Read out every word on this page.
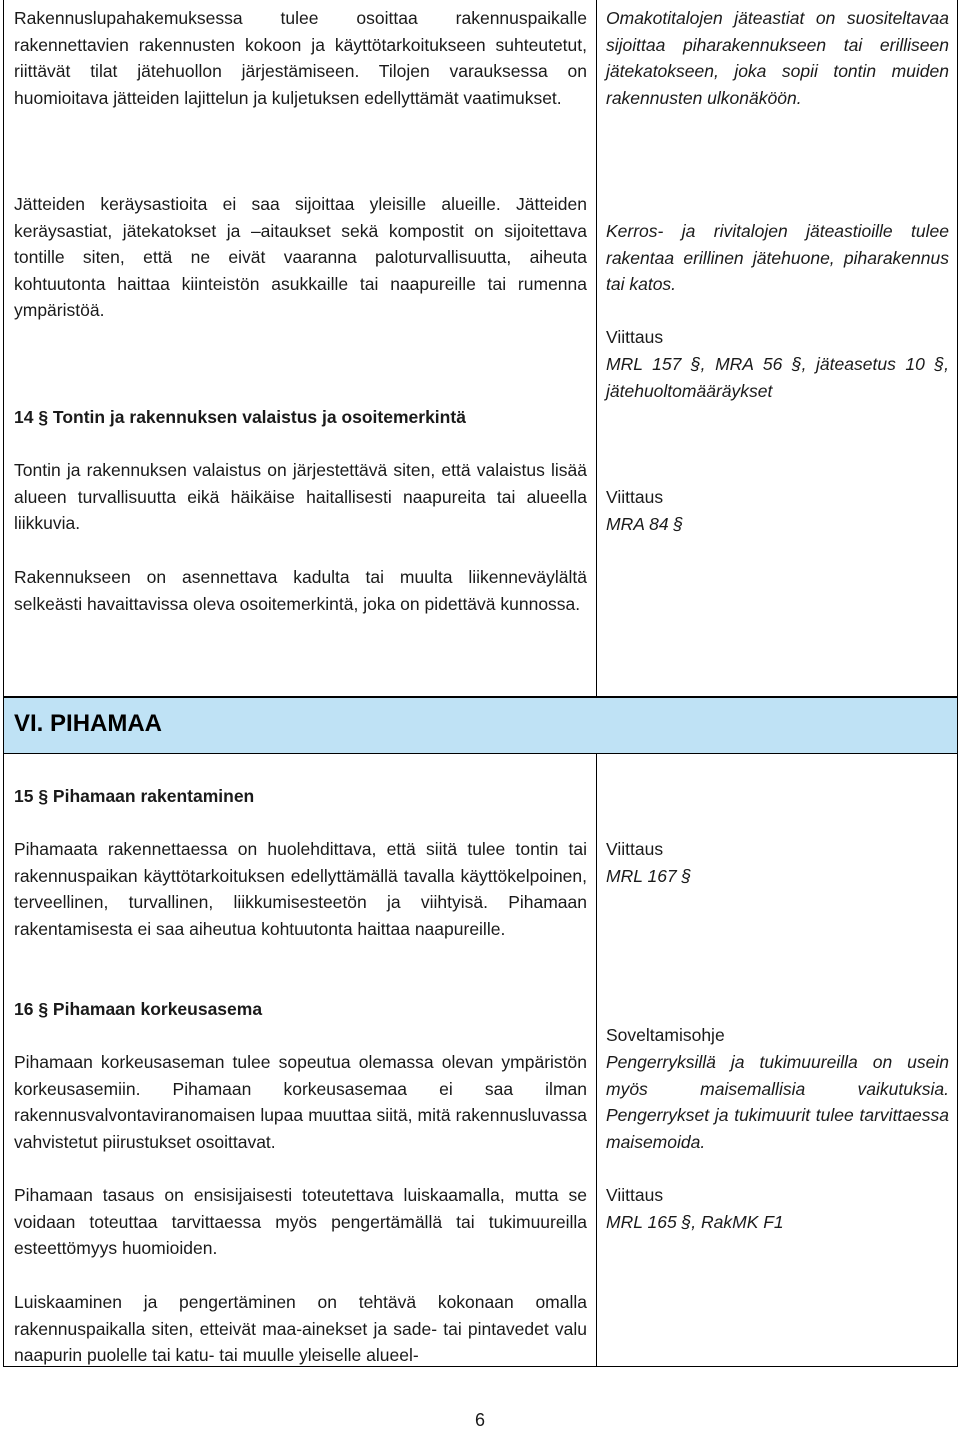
Rakennuslupahakemuksessa tulee osoittaa rakennuspaikalle rakennettavien rakennusten kokoon ja käyttötarkoitukseen suhteutetut, riittävät tilat jätehuollon järjestämiseen. Tilojen varauksessa on huomioitava jätteiden lajittelun ja kuljetuksen edellyttämät vaatimukset.

Jätteiden keräysastioita ei saa sijoittaa yleisille alueille. Jätteiden keräysastiat, jätekatokset ja –aitaukset sekä kompostit on sijoitettava tontille siten, että ne eivät vaaranna paloturvallisuutta, aiheuta kohtuutonta haittaa kiinteistön asukkaille tai naapureille tai rumenna ympäristöä.

14 § Tontin ja rakennuksen valaistus ja osoitemerkintä

Tontin ja rakennuksen valaistus on järjestettävä siten, että valaistus lisää alueen turvallisuutta eikä häikäise haitallisesti naapureita tai alueella liikkuvia.

Rakennukseen on asennettava kadulta tai muulta liikenneväylältä selkeästi havaittavissa oleva osoitemerkintä, joka on pidettävä kunnossa.

Omakotitalojen jäteastiat on suositeltavaa sijoittaa piharakennukseen tai erilliseen jätekatokseen, joka sopii tontin muiden rakennusten ulkonäköön.

Kerros- ja rivitalojen jäteastioille tulee rakentaa erillinen jätehuone, piharakennus tai katos.

Viittaus

MRL 157 §, MRA 56 §, jäteasetus 10 §, jätehuoltomääräykset

Viittaus

MRA 84 §

VI. PIHAMAA

15 § Pihamaan rakentaminen

Pihamaata rakennettaessa on huolehdittava, että siitä tulee tontin tai rakennuspaikan käyttötarkoituksen edellyttämällä tavalla käyttökelpoinen, terveellinen, turvallinen, liikkumisesteetön ja viihtyisä. Pihamaan rakentamisesta ei saa aiheutua kohtuutonta haittaa naapureille.

16 § Pihamaan korkeusasema

Pihamaan korkeusaseman tulee sopeutua olemassa olevan ympäristön korkeusasemiin. Pihamaan korkeusasemaa ei saa ilman rakennusvalvontaviranomaisen lupaa muuttaa siitä, mitä rakennusluvassa vahvistetut piirustukset osoittavat.

Pihamaan tasaus on ensisijaisesti toteutettava luiskaamalla, mutta se voidaan toteuttaa tarvittaessa myös pengertämällä tai tukimuureilla esteettömyys huomioiden.

Luiskaaminen ja pengertäminen on tehtävä kokonaan omalla rakennuspaikalla siten, etteivät maa-ainekset ja sade- tai pintavedet valu naapurin puolelle tai katu- tai muulle yleiselle alueel-

Viittaus

MRL 167 §

Soveltamisohje

Pengerryksillä ja tukimuureilla on usein myös maisemallisia vaikutuksia. Pengerrykset ja tukimuurit tulee tarvittaessa maisemoida.

Viittaus

MRL 165 §, RakMK F1

6
